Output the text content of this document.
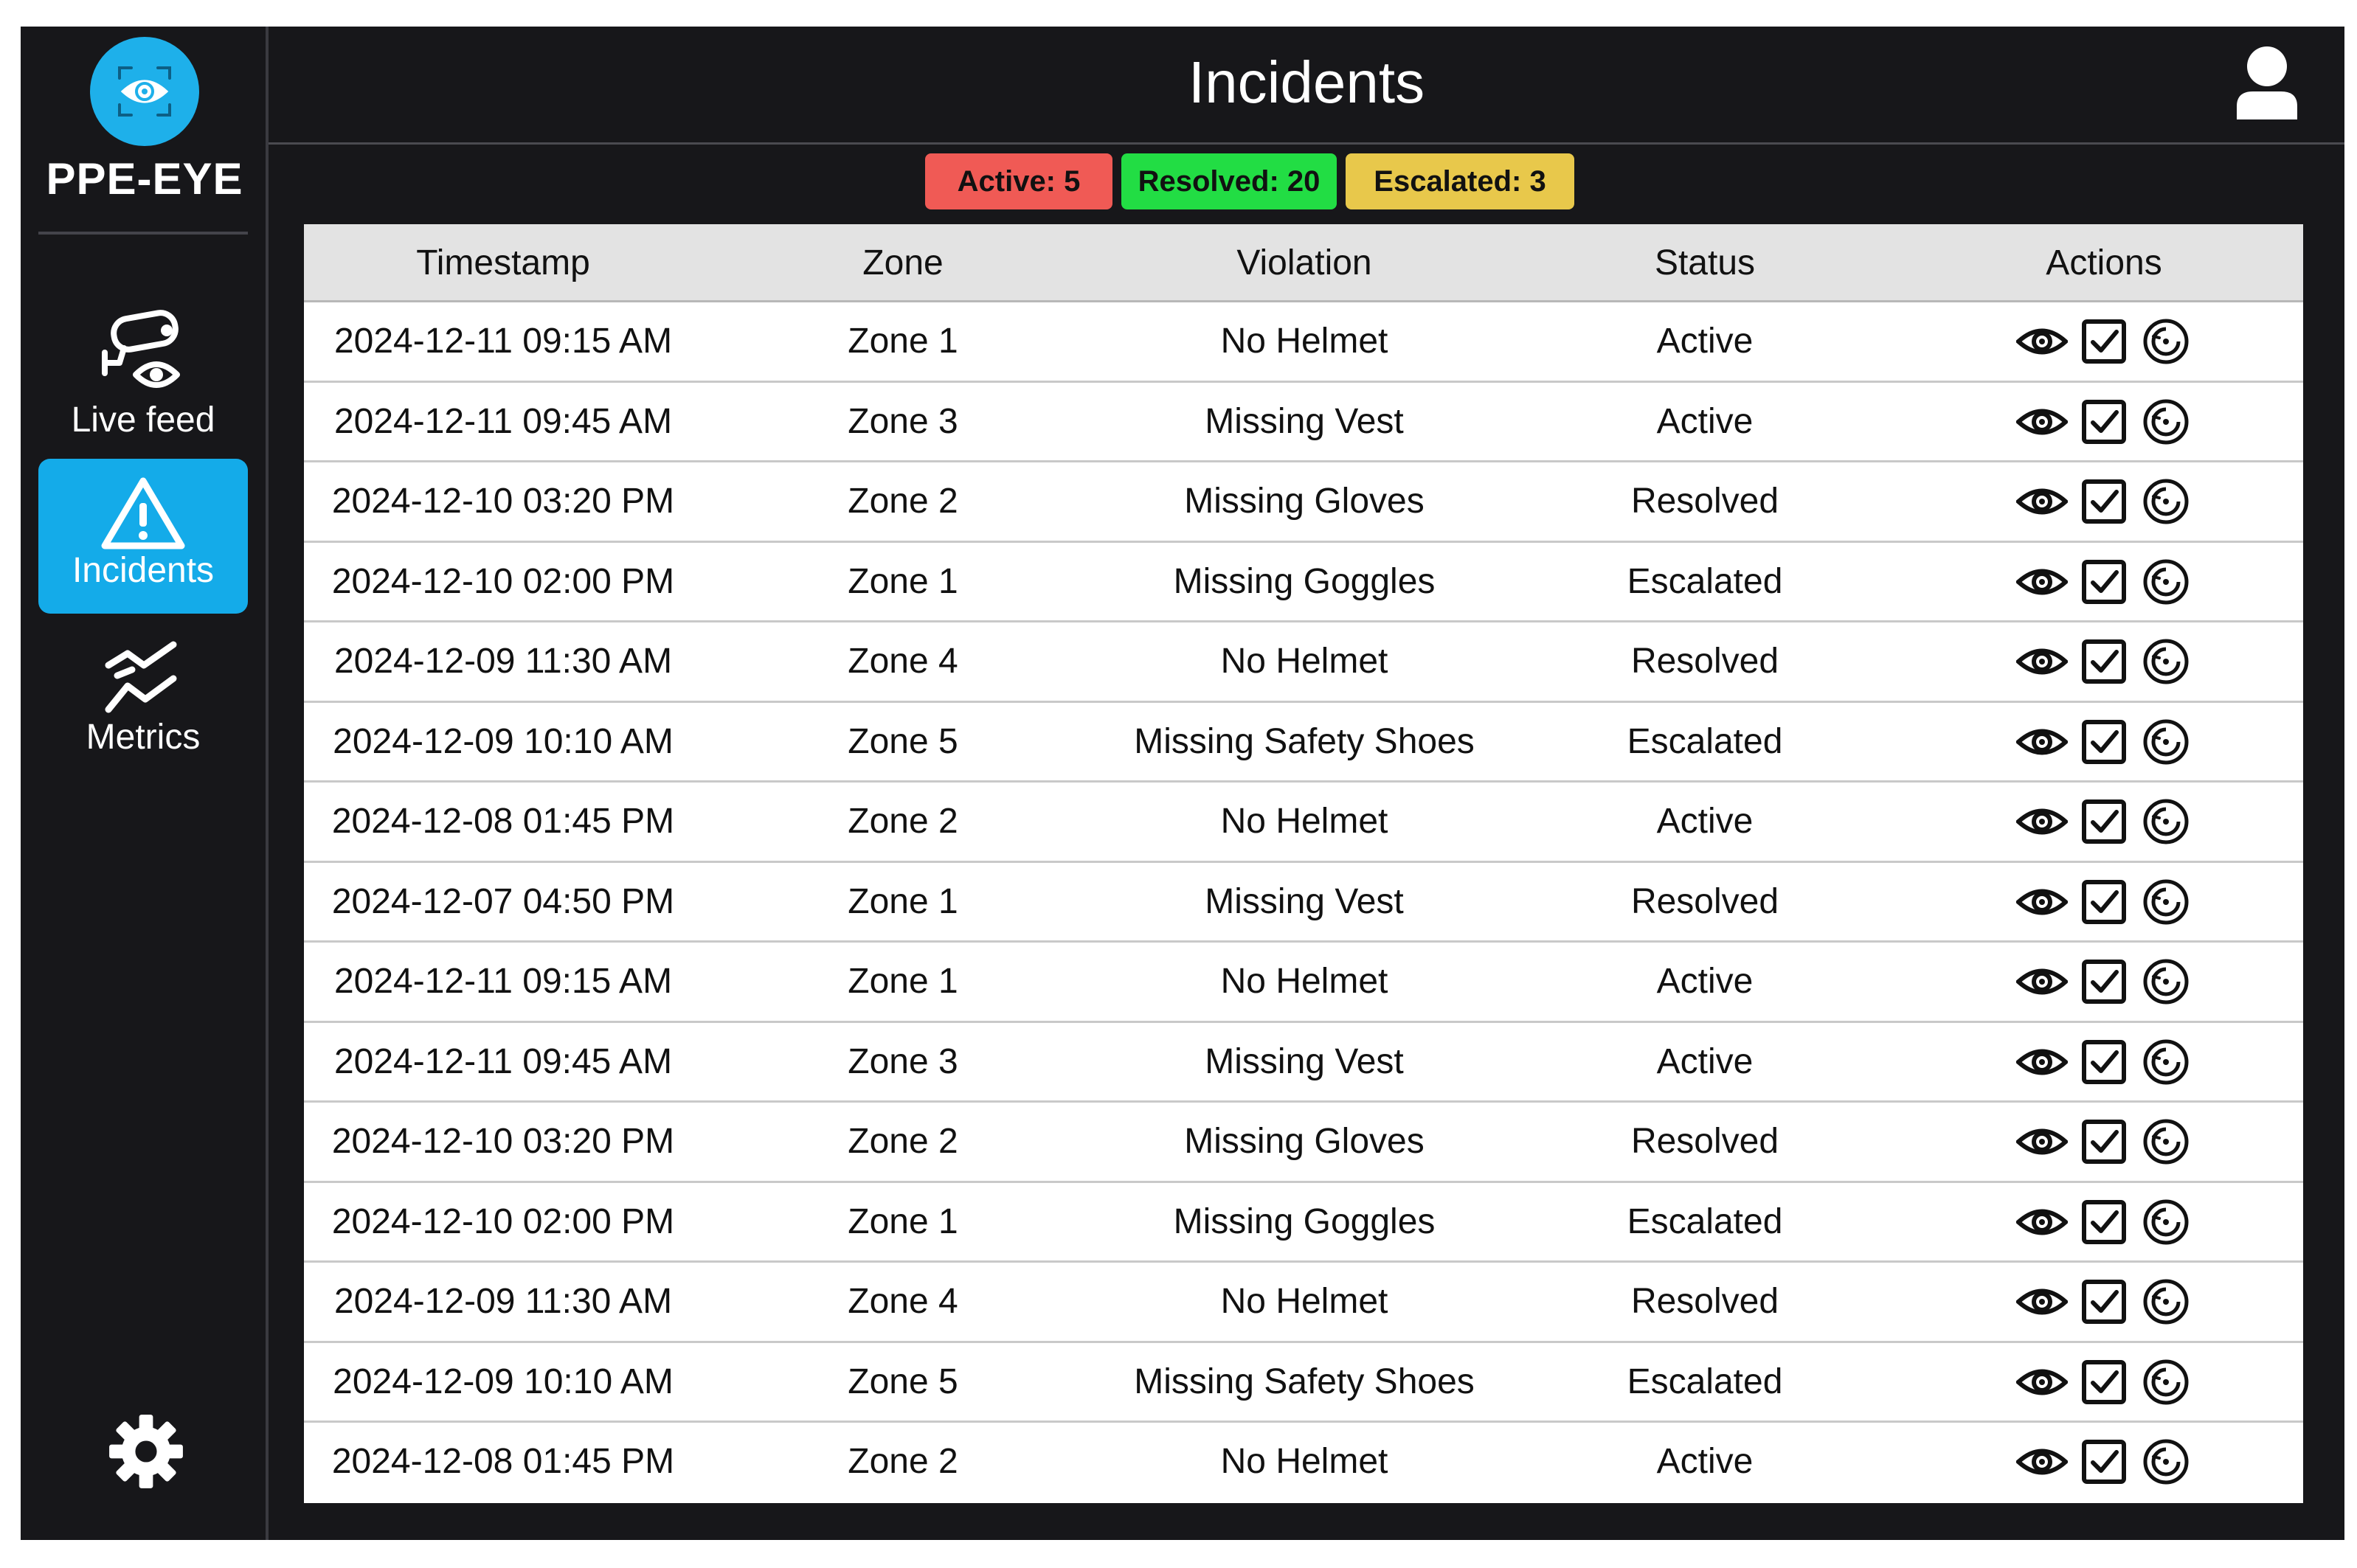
PPE-EYE
Live feed
Incidents
Metrics
Incidents
Active: 5	Resolved: 20	Escalated: 3
Timestamp	Zone	Violation	Status	Actions
2024-12-11 09:15 AM	Zone 1	No Helmet	Active
2024-12-11 09:45 AM	Zone 3	Missing Vest	Active
2024-12-10 03:20 PM	Zone 2	Missing Gloves	Resolved
2024-12-10 02:00 PM	Zone 1	Missing Goggles	Escalated
2024-12-09 11:30 AM	Zone 4	No Helmet	Resolved
2024-12-09 10:10 AM	Zone 5	Missing Safety Shoes	Escalated
2024-12-08 01:45 PM	Zone 2	No Helmet	Active
2024-12-07 04:50 PM	Zone 1	Missing Vest	Resolved
2024-12-11 09:15 AM	Zone 1	No Helmet	Active
2024-12-11 09:45 AM	Zone 3	Missing Vest	Active
2024-12-10 03:20 PM	Zone 2	Missing Gloves	Resolved
2024-12-10 02:00 PM	Zone 1	Missing Goggles	Escalated
2024-12-09 11:30 AM	Zone 4	No Helmet	Resolved
2024-12-09 10:10 AM	Zone 5	Missing Safety Shoes	Escalated
2024-12-08 01:45 PM	Zone 2	No Helmet	Active
